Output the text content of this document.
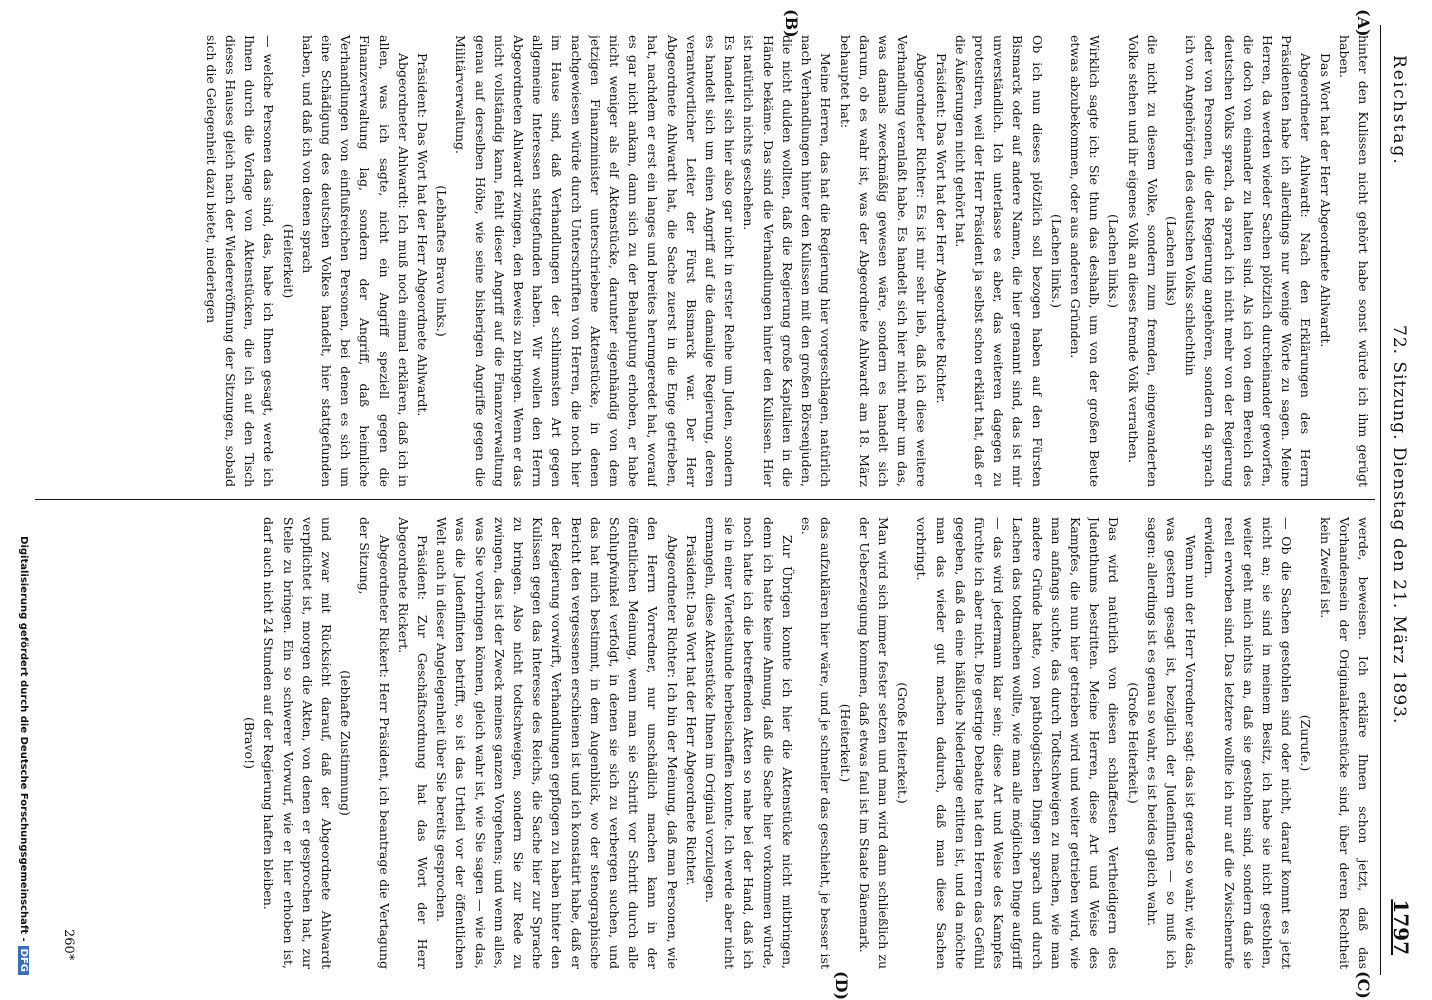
Reichstag.
72. Sitzung. Dienstag den 21. März 1893.
1797
(A)
(B)
(C)
(D)

hinter den Kulissen nicht gehört habe sonst würde ich ihm gerügt haben.

Das Wort hat der Herr Abgeordnete Ahlwardt.

Abgeordneter Ahlwardt: Nach den Erklärungen des Herrn Präsidenten habe ich allerdings nur wenige Worte zu sagen. Meine Herren, da werden wieder Sachen plötzlich durcheinander geworfen, die doch von einander zu halten sind. Als ich von dem Bereich des deutschen Volks sprach, da sprach ich nicht mehr von der Regierung oder von Personen, die der Regierung angehören, sondern da sprach ich von Angehörigen des deutschen Volks schlechthin

(Lachen links)

die nicht zu diesem Volke, sondern zum fremden, eingewanderten Volke stehen und ihr eigenes Volk an dieses fremde Volk verrathen.

(Lachen links.)

Wirklich sagte ich: Sie thun das deshalb, um von der großen Beute etwas abzubekommen, oder aus anderen Gründen.

(Lachen links.)

Ob ich nun dieses plötzlich soll bezogen haben auf den Fürsten Bismarck oder auf andere Namen, die hier genannt sind, das ist mir unverständlich. Ich unterlasse es aber, das weiteren dagegen zu protestiren, weil der Herr Präsident ja selbst schon erklärt hat, daß er die Äußerungen nicht gehört hat.

Präsident: Das Wort hat der Herr Abgeordnete Richter.

Abgeordneter Richter: Es ist mir sehr lieb, daß ich diese weitere Verhandlung veranlaßt habe. Es handelt sich hier nicht mehr um das, was damals zweckmäßig gewesen wäre, sondern es handelt sich darum, ob es wahr ist, was der Abgeordnete Ahlwardt am 18. März behauptet hat:

Meine Herren, das hat die Regierung hier vorgeschlagen, natürlich nach Verhandlungen hinter den Kulissen mit den großen Börsenjuden, die nicht dulden wollten, daß die Regierung große Kapitalien in die Hände bekäme. Das sind die Verhandlungen hinter den Kulissen. Hier ist natürlich nichts geschehen.

Es handelt sich hier also gar nicht in erster Reihe um Juden, sondern es handelt sich um einen Angriff auf die damalige Regierung, deren verantwortlicher Leiter der Fürst Bismarck war. Der Herr Abgeordnete Ahlwardt hat, die Sache zuerst in die Enge getrieben, hat, nachdem er erst ein langes und breites herumgeredet hat, worauf es gar nicht ankam, dann sich zu der Behauptung erhoben, er habe nicht weniger als elf Aktenstücke, darunter eigenhändig von dem jetzigen Finanzminister unterschriebene Aktenstücke, in denen nachgewiesen würde durch Unterschriften von Herren, die noch hier im Hause sind, daß Verhandlungen der schlimmsten Art gegen allgemeine Interessen stattgefunden haben. Wir wollen den Herrn Abgeordneten Ahlwardt zwingen, den Beweis zu bringen. Wenn er das nicht vollständig kann, fehlt dieser Angriff auf die Finanzverwaltung genau auf derselben Höhe, wie seine bisherigen Angriffe gegen die Militärverwaltung.

(Lebhaftes Bravo links.)

Präsident: Das Wort hat der Herr Abgeordnete Ahlwardt.

Abgeordneter Ahlwardt: Ich muß noch einmal erklären, daß ich in allen, was ich sagte, nicht ein Angriff speziell gegen die Finanzverwaltung lag, sondern der Angriff, daß heimliche Verhandlungen von einflußreichen Personen, bei denen es sich um eine Schädigung des deutschen Volkes handelt, hier stattgefunden haben, und daß ich von denen sprach

(Heiterkeit)

— welche Personen das sind, das, habe ich Ihnen gesagt, werde ich Ihnen durch die Vorlage von Aktenstücken, die ich auf den Tisch dieses Hauses gleich nach der Wiedereröffnung der Sitzungen, sobald sich die Gelegenheit dazu bietet, niederlegen

werde, beweisen. Ich erkläre Ihnen schon jetzt, daß das Vorhandensein der Originalaktenstücke sind, über deren Rechtheit kein Zweifel ist.

(Zurufe.)

— Ob die Sachen gestohlen sind oder nicht, darauf kommt es jetzt nicht an; sie sind in meinem Besitz, ich habe sie nicht gestohlen, weiter geht mich nichts an, daß sie gestohlen sind, sondern daß sie reell erworben sind. Das letztere wollte ich nur auf die Zwischenrufe erwidern.

Wenn nun der Herr Vorredner sagt: das ist gerade so wahr, wie das, was gestern gesagt ist, bezüglich der Judenflinten — so muß ich sagen: allerdings ist es genau so wahr, es ist beides gleich wahr.

(Große Heiterkeit.)

Das wird natürlich von diesen schlaffesten Vertheidigern des Judenthums bestritten. Meine Herren, diese Art und Weise des Kampfes, die nun hier getrieben wird und weiter getrieben wird, wie man anfangs suchte, das durch Todtschweigen zu machen, wie man andere Gründe hatte, von pathologischen Dingen sprach und durch Lachen das todtmachen wollte, wie man alle möglichen Dinge aufgriff — das wird jedermann klar sein; diese Art und Weise des Kampfes fürchte ich aber nicht. Die gestrige Debatte hat den Herren das Gefühl gegeben, daß da eine häßliche Niederlage erlitten ist, und da möchte man das wieder gut machen dadurch, daß man diese Sachen vorbringt.

(Große Heiterkeit.)

Man wird sich immer fester setzen und man wird dann schließlich zu der Ueberzeugung kommen, daß etwas faul ist im Staate Dänemark.

(Heiterkeit.)

das aufzuklären hier wäre, und je schneller das geschieht, je besser ist es.

Zur Übrigen konnte ich hier die Aktenstücke nicht mitbringen, denn ich hatte keine Ahnung, daß die Sache hier vorkommen würde, noch hatte ich die betreffenden Akten so nahe bei der Hand, daß ich sie in einer Viertelstunde herbeischaffen konnte. Ich werde aber nicht ermangeln, diese Aktenstücke Ihnen im Original vorzulegen.

Präsident: Das Wort hat der Herr Abgeordnete Richter.

Abgeordneter Richter: Ich bin der Meinung, daß man Personen, wie den Herrn Vorredner, nur unschädlich machen kann in der öffentlichen Meinung, wenn man sie Schritt vor Schritt durch alle Schlupfwinkel verfolgt, in denen sie sich zu verbergen suchen, und das hat mich bestimmt, in dem Augenblick, wo der stenographische Bericht den vergessenen erschienen ist und ich konstatirt habe, daß er der Regierung vorwirft, Verhandlungen gepflogen zu haben hinter den Kulissen gegen das Interesse des Reichs, die Sache hier zur Sprache zu bringen. Also nicht todtschweigen, sondern Sie zur Rede zu zwingen, das ist der Zweck meines ganzen Vorgehens; und wenn alles, was Sie vorbringen können, gleich wahr ist, wie Sie sagen — wie das, was die Judenflinten betrifft, so ist das Urtheil vor der öffentlichen Welt auch in dieser Angelegenheit über Sie bereits gesprochen.

Präsident: Zur Geschäftsordnung hat das Wort der Herr Abgeordnete Rickert.

Abgeordneter Rickert: Herr Präsident, ich beantrage die Vertagung der Sitzung,

(lebhafte Zustimmung)

und zwar mit Rücksicht darauf, daß der Abgeordnete Ahlwardt verpflichtet ist, morgen die Akten, von denen er gesprochen hat, zur Stelle zu bringen. Ein so schwerer Vorwurf, wie er hier erhoben ist, darf auch nicht 24 Stunden auf der Regierung haften bleiben.

(Bravo!)

260*
Digitalisierung gefördert durch die Deutsche Forschungsgemeinschaft -DFG
